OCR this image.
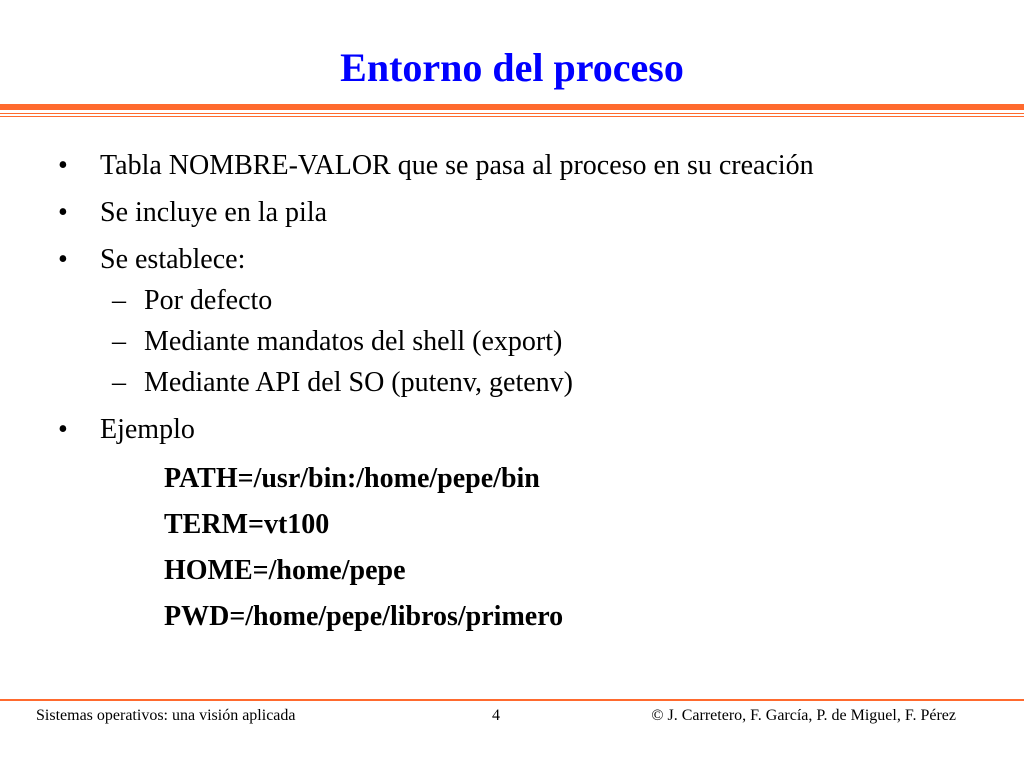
Entorno del proceso
• Tabla NOMBRE-VALOR que se pasa al proceso en su creación
• Se incluye en la pila
• Se establece:
– Por defecto
– Mediante mandatos del shell (export)
– Mediante API del SO (putenv, getenv)
• Ejemplo
PATH=/usr/bin:/home/pepe/bin
TERM=vt100
HOME=/home/pepe
PWD=/home/pepe/libros/primero
Sistemas operativos: una visión aplicada	4	© J. Carretero, F. García, P. de Miguel, F. Pérez
